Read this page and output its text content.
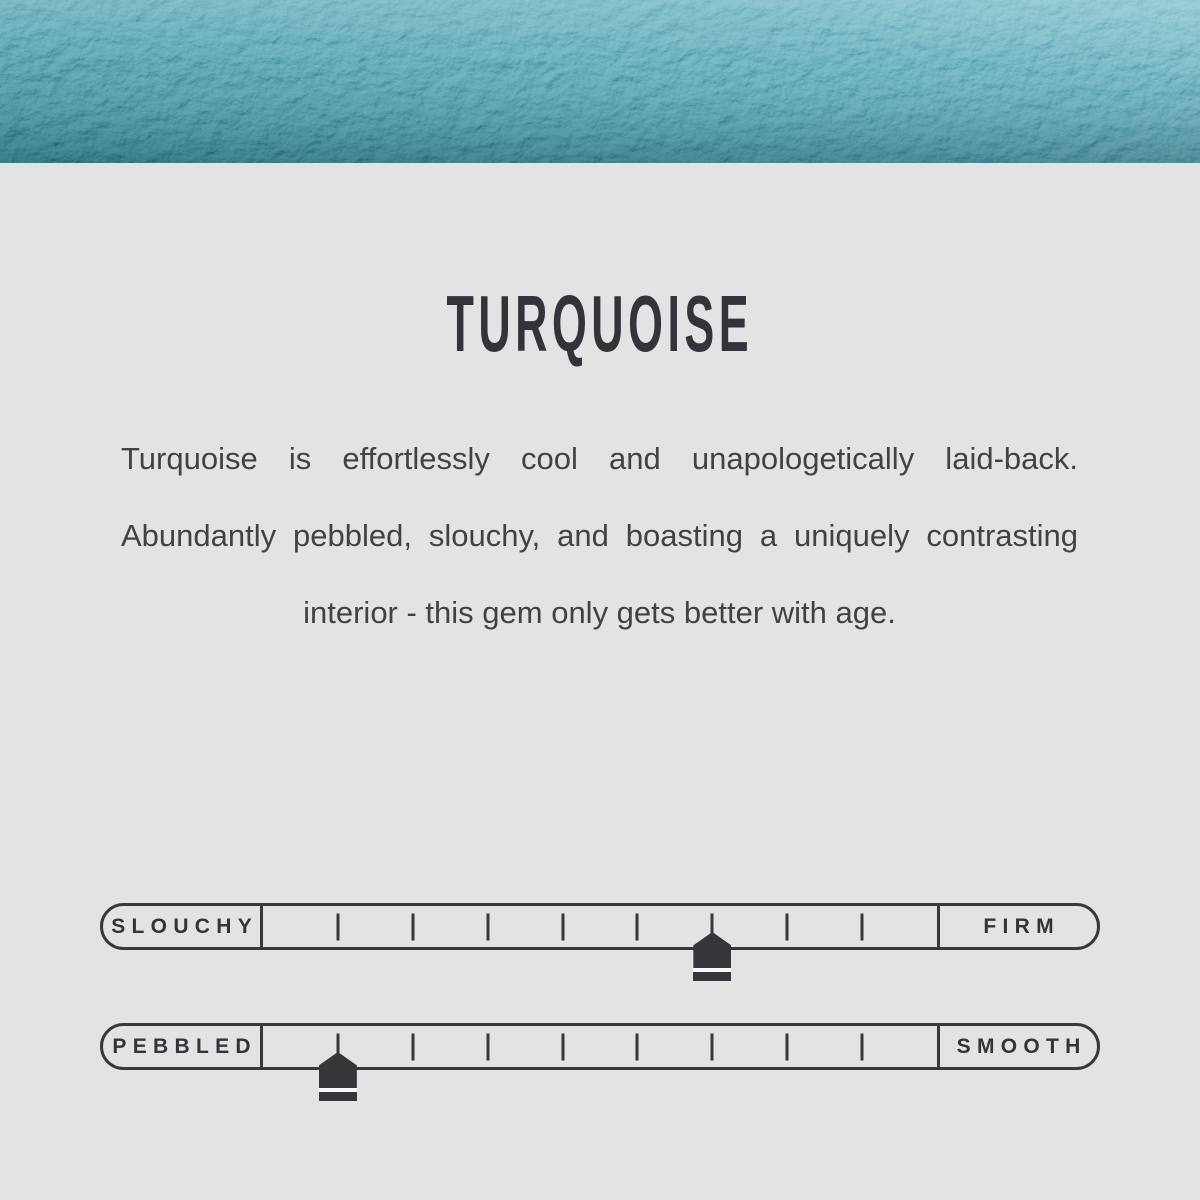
TURQUOISE
Turquoise is effortlessly cool and unapologetically laid-back.
Abundantly pebbled, slouchy, and boasting a uniquely contrasting
interior - this gem only gets better with age.
SLOUCHY	FIRM
PEBBLED	SMOOTH
